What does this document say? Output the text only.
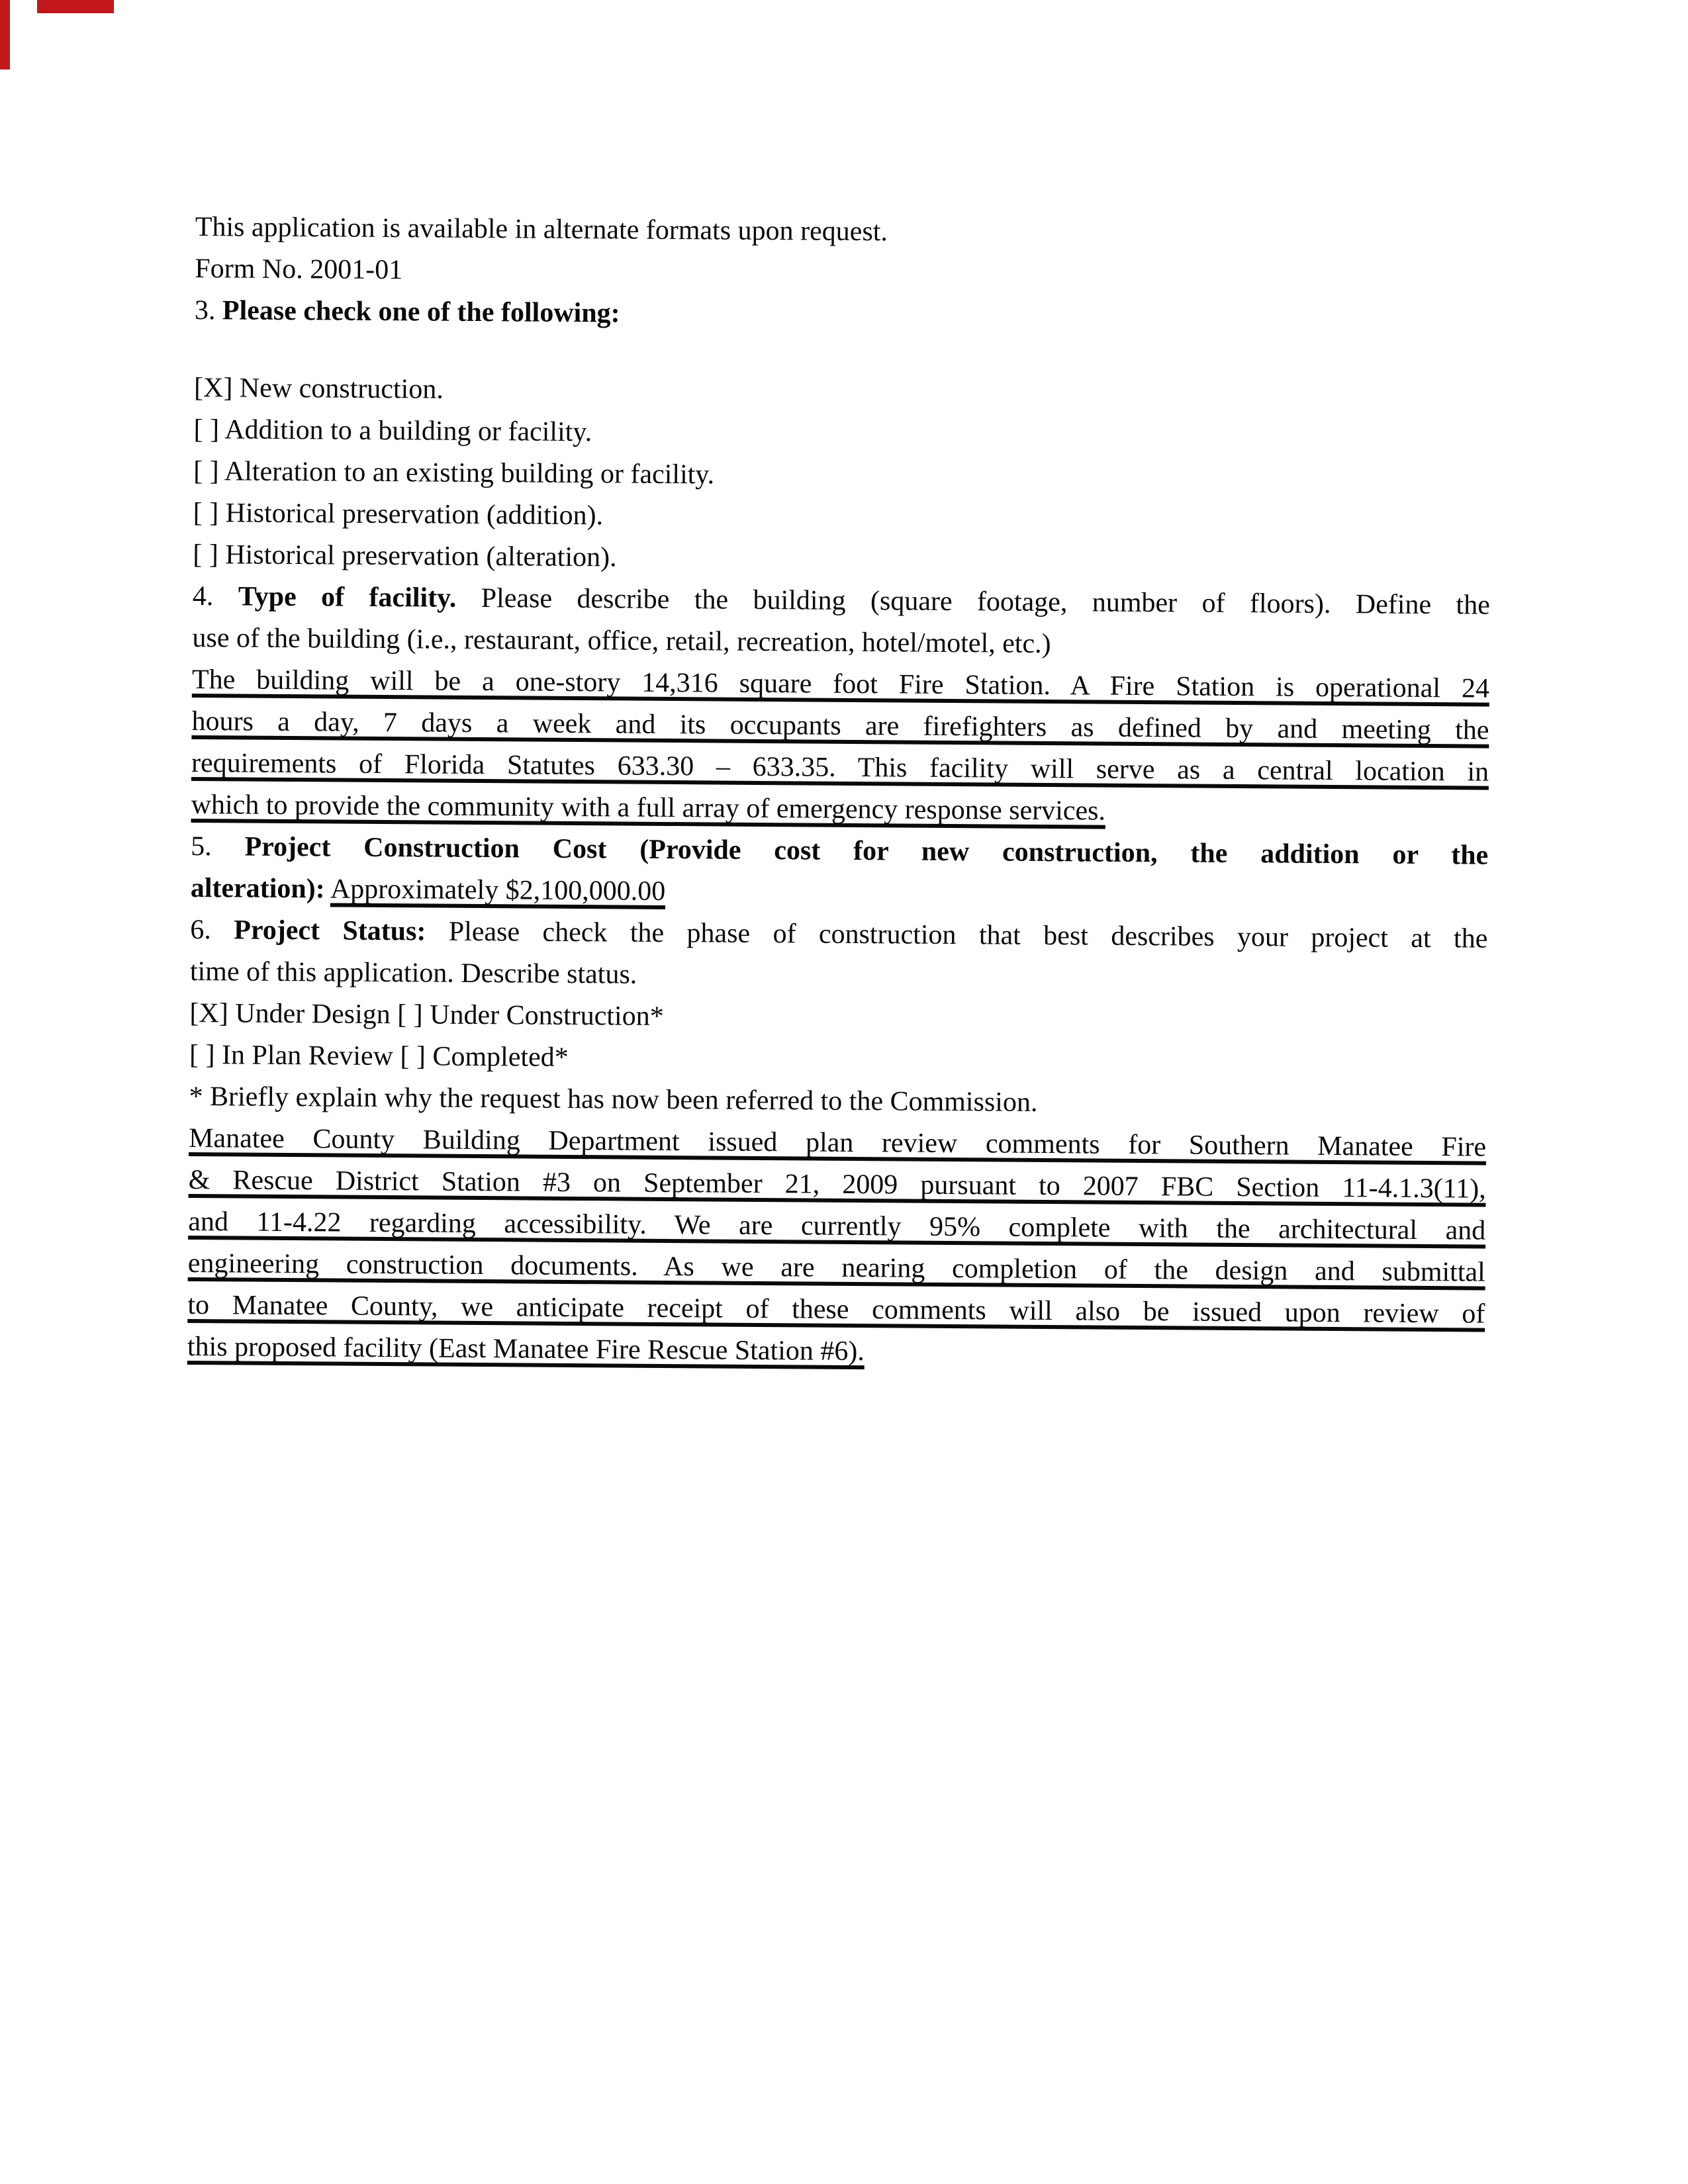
This application is available in alternate formats upon request.
Form No. 2001-01
3. Please check one of the following:
[X] New construction.
[ ] Addition to a building or facility.
[ ] Alteration to an existing building or facility.
[ ] Historical preservation (addition).
[ ] Historical preservation (alteration).
4. Type of facility. Please describe the building (square footage, number of floors). Define the
use of the building (i.e., restaurant, office, retail, recreation, hotel/motel, etc.)
The building will be a one-story 14,316 square foot Fire Station. A Fire Station is operational 24
hours a day, 7 days a week and its occupants are firefighters as defined by and meeting the
requirements of Florida Statutes 633.30 – 633.35. This facility will serve as a central location in
which to provide the community with a full array of emergency response services.
5. Project Construction Cost (Provide cost for new construction, the addition or the
alteration): Approximately $2,100,000.00
6. Project Status: Please check the phase of construction that best describes your project at the
time of this application. Describe status.
[X] Under Design [ ] Under Construction*
[ ] In Plan Review [ ] Completed*
* Briefly explain why the request has now been referred to the Commission.
Manatee County Building Department issued plan review comments for Southern Manatee Fire
& Rescue District Station #3 on September 21, 2009 pursuant to 2007 FBC Section 11-4.1.3(11),
and 11-4.22 regarding accessibility. We are currently 95% complete with the architectural and
engineering construction documents. As we are nearing completion of the design and submittal
to Manatee County, we anticipate receipt of these comments will also be issued upon review of
this proposed facility (East Manatee Fire Rescue Station #6).
